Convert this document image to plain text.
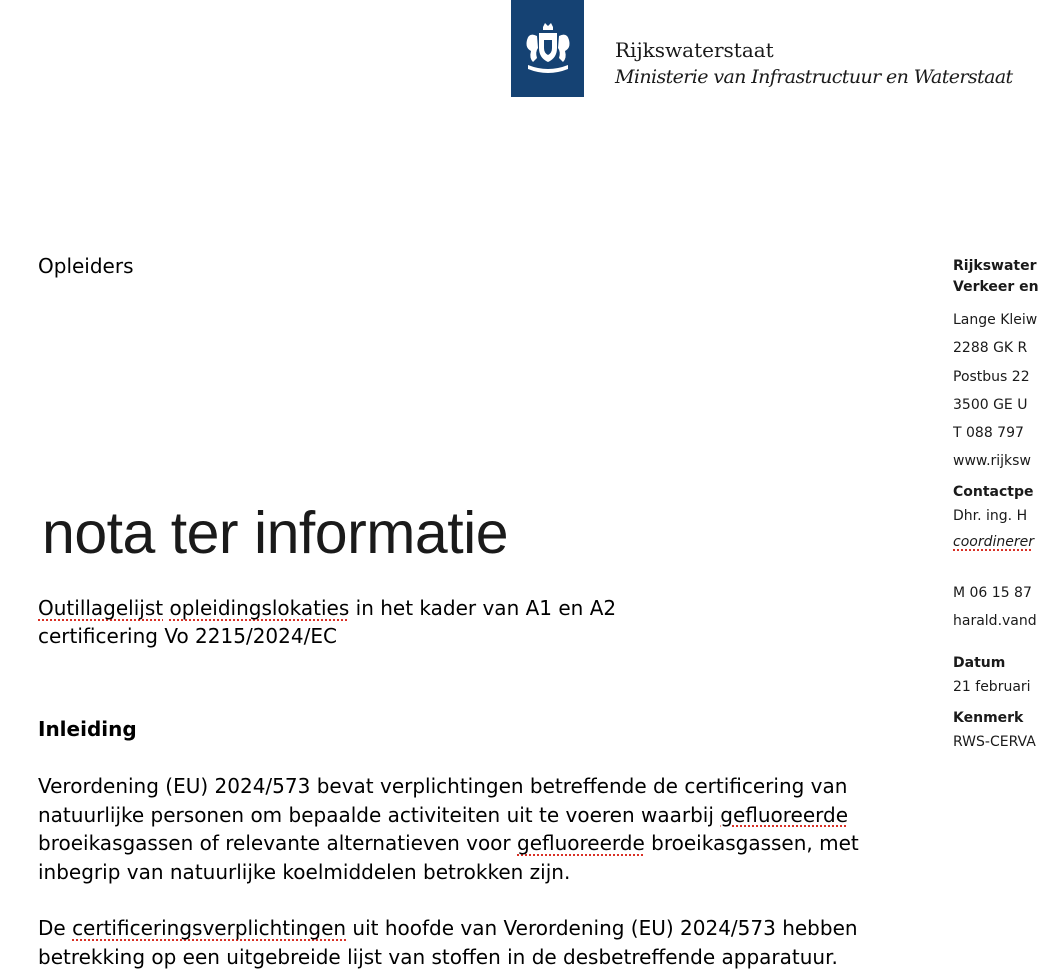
Rijkswaterstaat
Ministerie van Infrastructuur en Waterstaat
Opleiders
nota ter informatie
Outillagelijst opleidingslokaties in het kader van A1 en A2 certificering Vo 2215/2024/EC
Inleiding
Verordening (EU) 2024/573 bevat verplichtingen betreffende de certificering van natuurlijke personen om bepaalde activiteiten uit te voeren waarbij gefluoreerde broeikasgassen of relevante alternatieven voor gefluoreerde broeikasgassen, met inbegrip van natuurlijke koelmiddelen betrokken zijn.
De certificeringsverplichtingen uit hoofde van Verordening (EU) 2024/573 hebben betrekking op een uitgebreide lijst van stoffen in de desbetreffende apparatuur.
Rijkswater
Verkeer en
Lange Kleiw
2288 GK R
Postbus 22
3500 GE U
T 088 797
www.rijksw
Contactpe
Dhr. ing. H
coordinerer
M 06 15 87
harald.vand
Datum
21 februari
Kenmerk
RWS-CERVA
